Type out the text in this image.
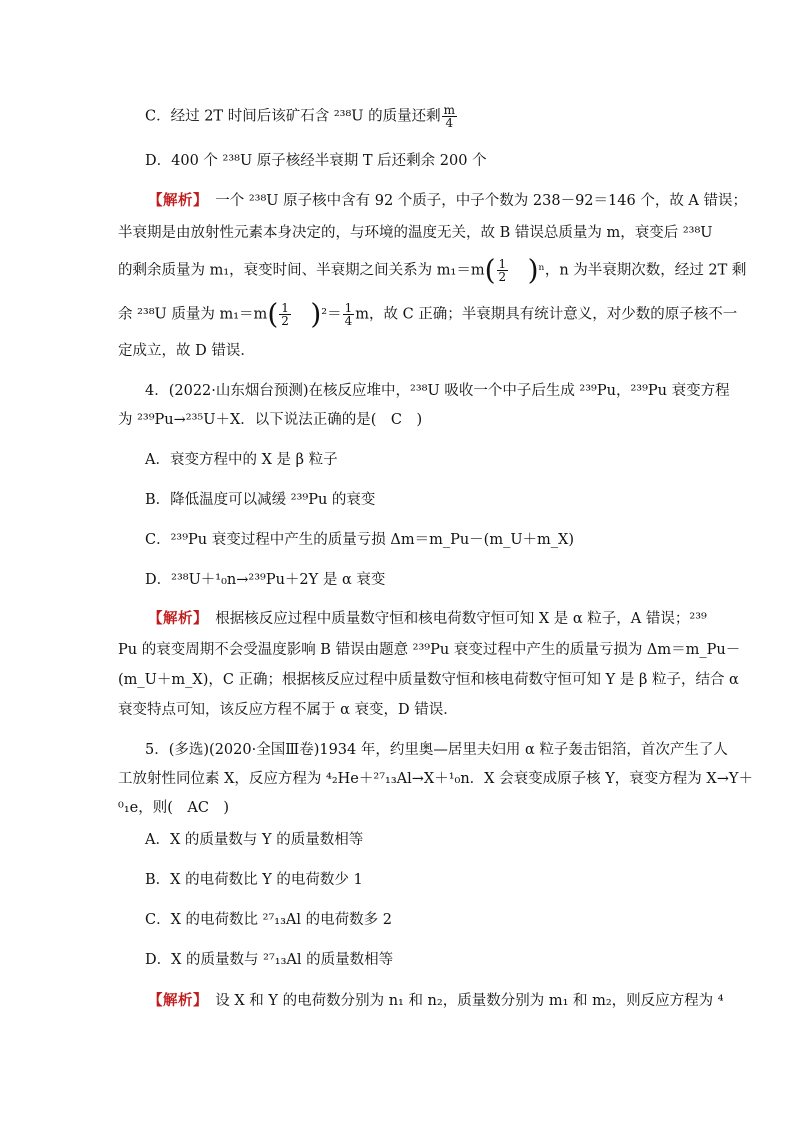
C．经过 2T 时间后该矿石含 ²³⁸U 的质量还剩 $\frac{m}{4}$
D．400 个 ²³⁸U 原子核经半衰期 T 后还剩余 200 个
【解析】　 一个 ²³⁸U 原子核中含有 92 个质子，中子个数为 238－92＝146 个，故 A 错误；
半衰期是由放射性元素本身决定的，与环境的温度无关，故 B 错误总质量为 m，衰变后 ²³⁸U
的剩余质量为 m₁，衰变时间、半衰期之间关系为 $m_1=m( \frac{1}{2} )^n$，n 为半衰期次数，经过 2T 剩
余 ²³⁸U 质量为 $m_1=m( \frac{1}{2} )^2= \frac{1}{4}$ m，故 C 正确；半衰期具有统计意义，对少数的原子核不一
定成立，故 D 错误．
4．(2022·山东烟台预测)在核反应堆中，²³⁸U 吸收一个中子后生成 ²³⁹Pu，²³⁹Pu 衰变方程
为 ²³⁹Pu→²³⁵U＋X．以下说法正确的是(　C　)
A．衰变方程中的 X 是 β 粒子
B．降低温度可以减缓 ²³⁹Pu 的衰变
C．²³⁹Pu 衰变过程中产生的质量亏损 Δm＝m_Pu－(m_U＋m_X)
D．²³⁸U＋¹₀n→²³⁹Pu＋2Y 是 α 衰变
【解析】　 根据核反应过程中质量数守恒和核电荷数守恒可知 X 是 α 粒子，A 错误；²³⁹
Pu 的衰变周期不会受温度影响 B 错误由题意 ²³⁹Pu 衰变过程中产生的质量亏损为 Δm＝m_Pu－
(m_U＋m_X)，C 正确；根据核反应过程中质量数守恒和核电荷数守恒可知 Y 是 β 粒子，结合 α
衰变特点可知，该反应方程不属于 α 衰变，D 错误．
5．(多选)(2020·全国Ⅲ卷)1934 年，约里奥—居里夫妇用 α 粒子轰击铝箔，首次产生了人
工放射性同位素 X，反应方程为 ⁴₂He＋²⁷₁₃Al→X＋¹₀n．X 会衰变成原子核 Y，衰变方程为 X→Y＋
⁰₁e，则(　AC　)
A．X 的质量数与 Y 的质量数相等
B．X 的电荷数比 Y 的电荷数少 1
C．X 的电荷数比 ²⁷₁₃Al 的电荷数多 2
D．X 的质量数与 ²⁷₁₃Al 的质量数相等
【解析】　 设 X 和 Y 的电荷数分别为 n₁ 和 n₂，质量数分别为 m₁ 和 m₂，则反应方程为 ⁴
